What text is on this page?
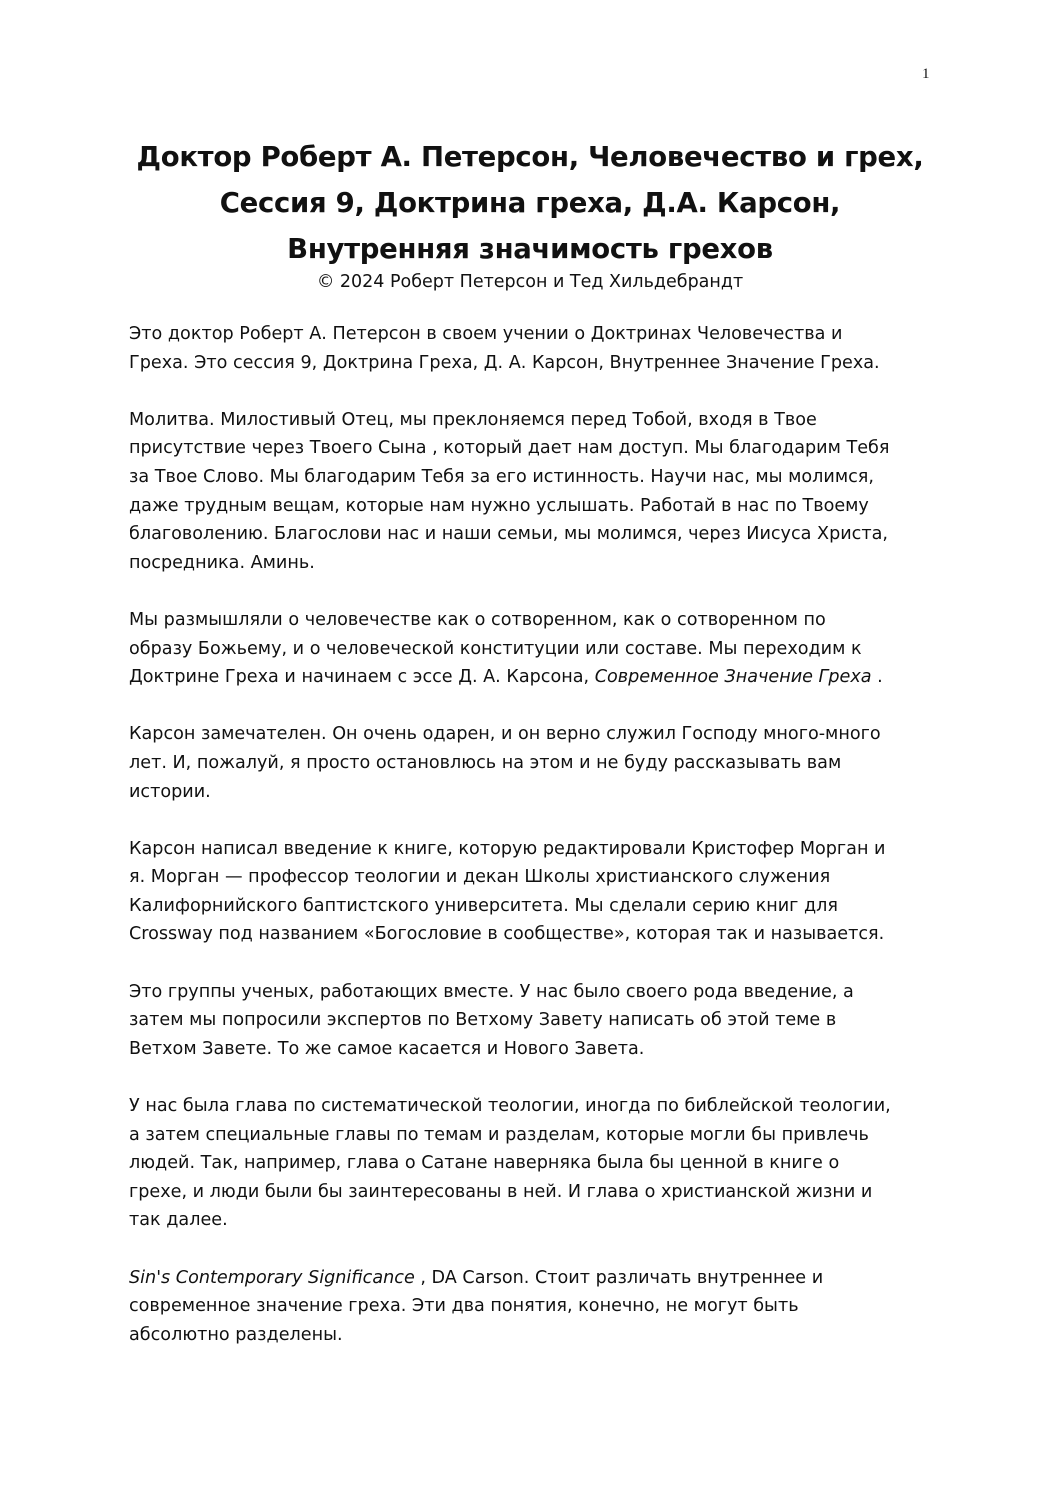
1
Доктор Роберт А. Петерсон, Человечество и грех,
Сессия 9, Доктрина греха, Д.А. Карсон,
Внутренняя значимость грехов
© 2024 Роберт Петерсон и Тед Хильдебрандт

Это доктор Роберт А. Петерсон в своем учении о Доктринах Человечества и
Греха. Это сессия 9, Доктрина Греха, Д. А. Карсон, Внутреннее Значение Греха.

Молитва. Милостивый Отец, мы преклоняемся перед Тобой, входя в Твое
присутствие через Твоего Сына , который дает нам доступ. Мы благодарим Тебя
за Твое Слово. Мы благодарим Тебя за его истинность. Научи нас, мы молимся,
даже трудным вещам, которые нам нужно услышать. Работай в нас по Твоему
благоволению. Благослови нас и наши семьи, мы молимся, через Иисуса Христа,
посредника. Аминь.

Мы размышляли о человечестве как о сотворенном, как о сотворенном по
образу Божьему, и о человеческой конституции или составе. Мы переходим к
Доктрине Греха и начинаем с эссе Д. А. Карсона, Современное Значение Греха .

Карсон замечателен. Он очень одарен, и он верно служил Господу много-много
лет. И, пожалуй, я просто остановлюсь на этом и не буду рассказывать вам
истории.

Карсон написал введение к книге, которую редактировали Кристофер Морган и
я. Морган — профессор теологии и декан Школы христианского служения
Калифорнийского баптистского университета. Мы сделали серию книг для
Crossway под названием «Богословие в сообществе», которая так и называется.

Это группы ученых, работающих вместе. У нас было своего рода введение, а
затем мы попросили экспертов по Ветхому Завету написать об этой теме в
Ветхом Завете. То же самое касается и Нового Завета.

У нас была глава по систематической теологии, иногда по библейской теологии,
а затем специальные главы по темам и разделам, которые могли бы привлечь
людей. Так, например, глава о Сатане наверняка была бы ценной в книге о
грехе, и люди были бы заинтересованы в ней. И глава о христианской жизни и
так далее.

Sin's Contemporary Significance , DA Carson. Стоит различать внутреннее и
современное значение греха. Эти два понятия, конечно, не могут быть
абсолютно разделены.
